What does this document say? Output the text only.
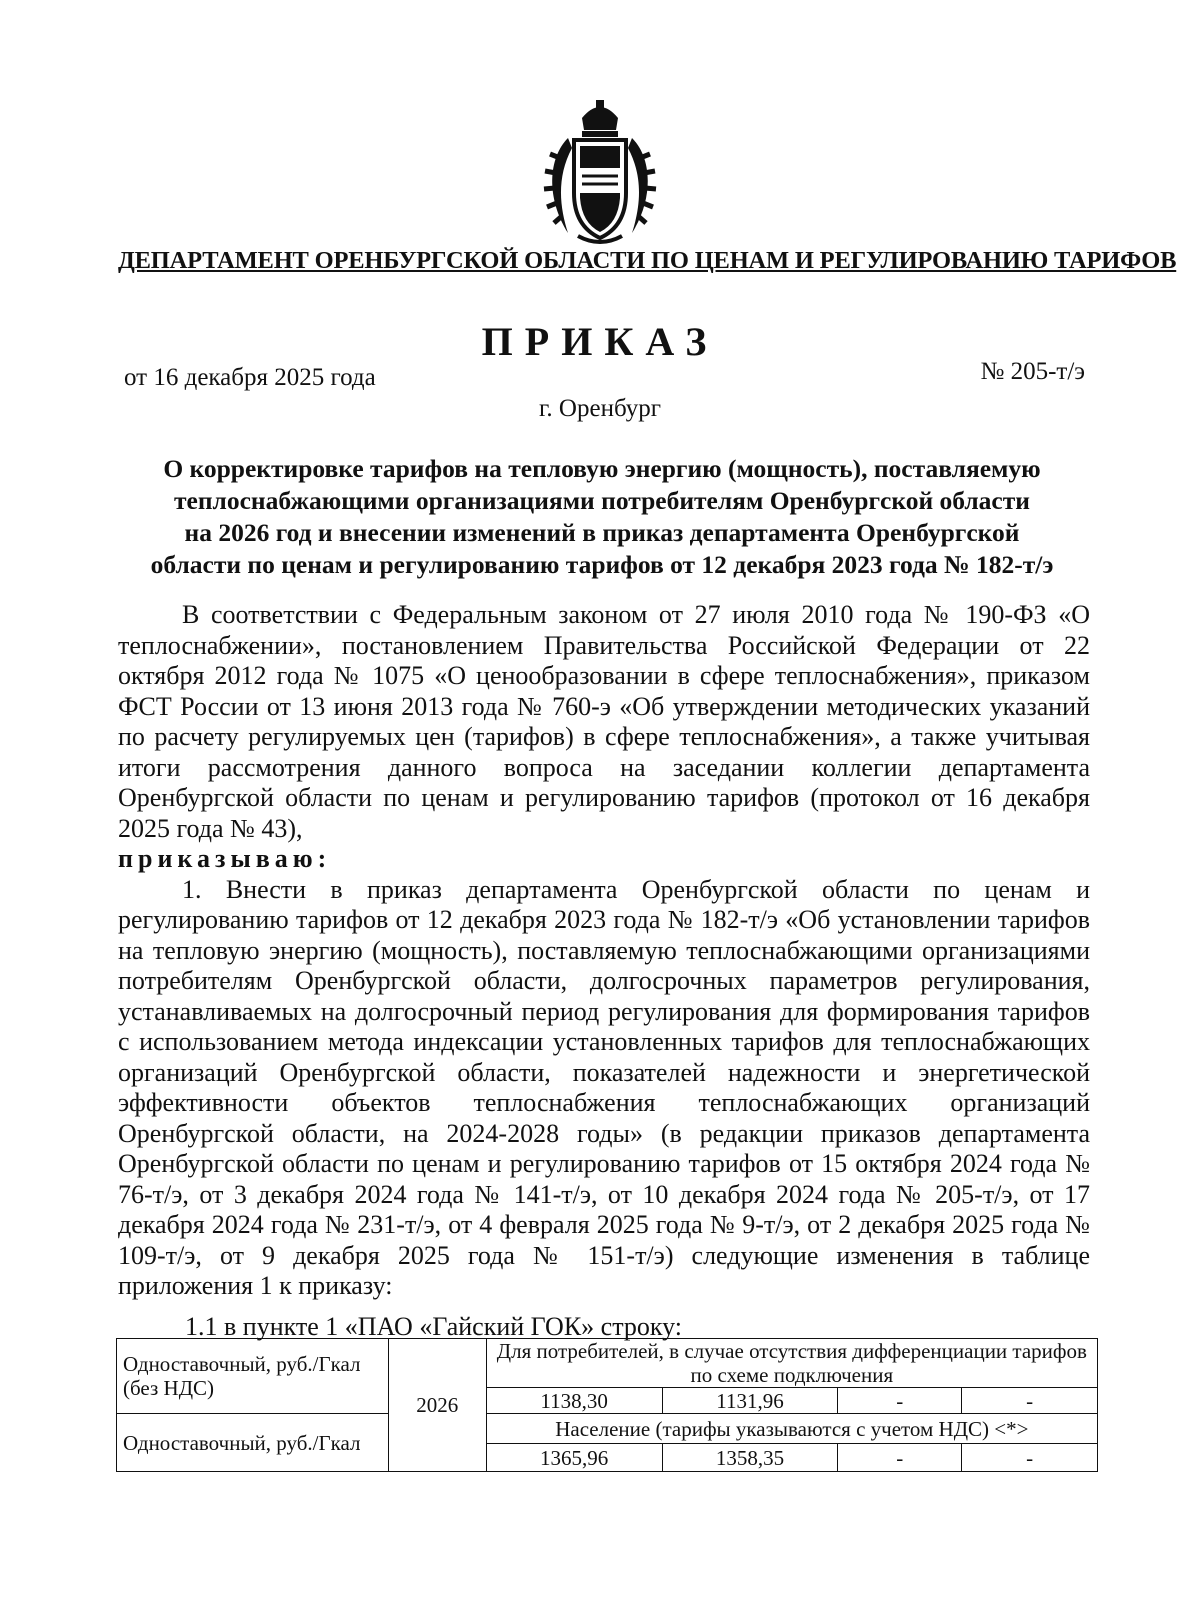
ДЕПАРТАМЕНТ ОРЕНБУРГСКОЙ ОБЛАСТИ ПО ЦЕНАМ И РЕГУЛИРОВАНИЮ ТАРИФОВ
ПРИКАЗ
от 16 декабря 2025 года	№ 205-т/э
г. Оренбург
О корректировке тарифов на тепловую энергию (мощность), поставляемую
теплоснабжающими организациями потребителям Оренбургской области
на 2026 год и внесении изменений в приказ департамента Оренбургской
области по ценам и регулированию тарифов от 12 декабря 2023 года № 182-т/э

В соответствии с Федеральным законом от 27 июля 2010 года № 190-ФЗ «О теплоснабжении», постановлением Правительства Российской Федерации от 22 октября 2012 года № 1075 «О ценообразовании в сфере теплоснабжения», приказом ФСТ России от 13 июня 2013 года № 760-э «Об утверждении методических указаний по расчету регулируемых цен (тарифов) в сфере теплоснабжения», а также учитывая итоги рассмотрения данного вопроса на заседании коллегии департамента Оренбургской области по ценам и регулированию тарифов (протокол от 16 декабря 2025 года № 43),

приказываю:

1. Внести в приказ департамента Оренбургской области по ценам и регулированию тарифов от 12 декабря 2023 года № 182-т/э «Об установлении тарифов на тепловую энергию (мощность), поставляемую теплоснабжающими организациями потребителям Оренбургской области, долгосрочных параметров регулирования, устанавливаемых на долгосрочный период регулирования для формирования тарифов с использованием метода индексации установленных тарифов для теплоснабжающих организаций Оренбургской области, показателей надежности и энергетической эффективности объектов теплоснабжения теплоснабжающих организаций Оренбургской области, на 2024-2028 годы» (в редакции приказов департамента Оренбургской области по ценам и регулированию тарифов от 15 октября 2024 года № 76-т/э, от 3 декабря 2024 года № 141-т/э, от 10 декабря 2024 года № 205-т/э, от 17 декабря 2024 года № 231-т/э, от 4 февраля 2025 года № 9-т/э, от 2 декабря 2025 года № 109-т/э, от 9 декабря 2025 года № 151-т/э) следующие изменения в таблице приложения 1 к приказу:

1.1 в пункте 1 «ПАО «Гайский ГОК» строку:
Одноставочный, руб./Гкал (без НДС)	2026	Для потребителей, в случае отсутствия дифференциации тарифов по схеме подключения			
		1138,30	1131,96	-	-
Одноставочный, руб./Гкал		Население (тарифы указываются с учетом НДС) <*>			
		1365,96	1358,35	-	-
